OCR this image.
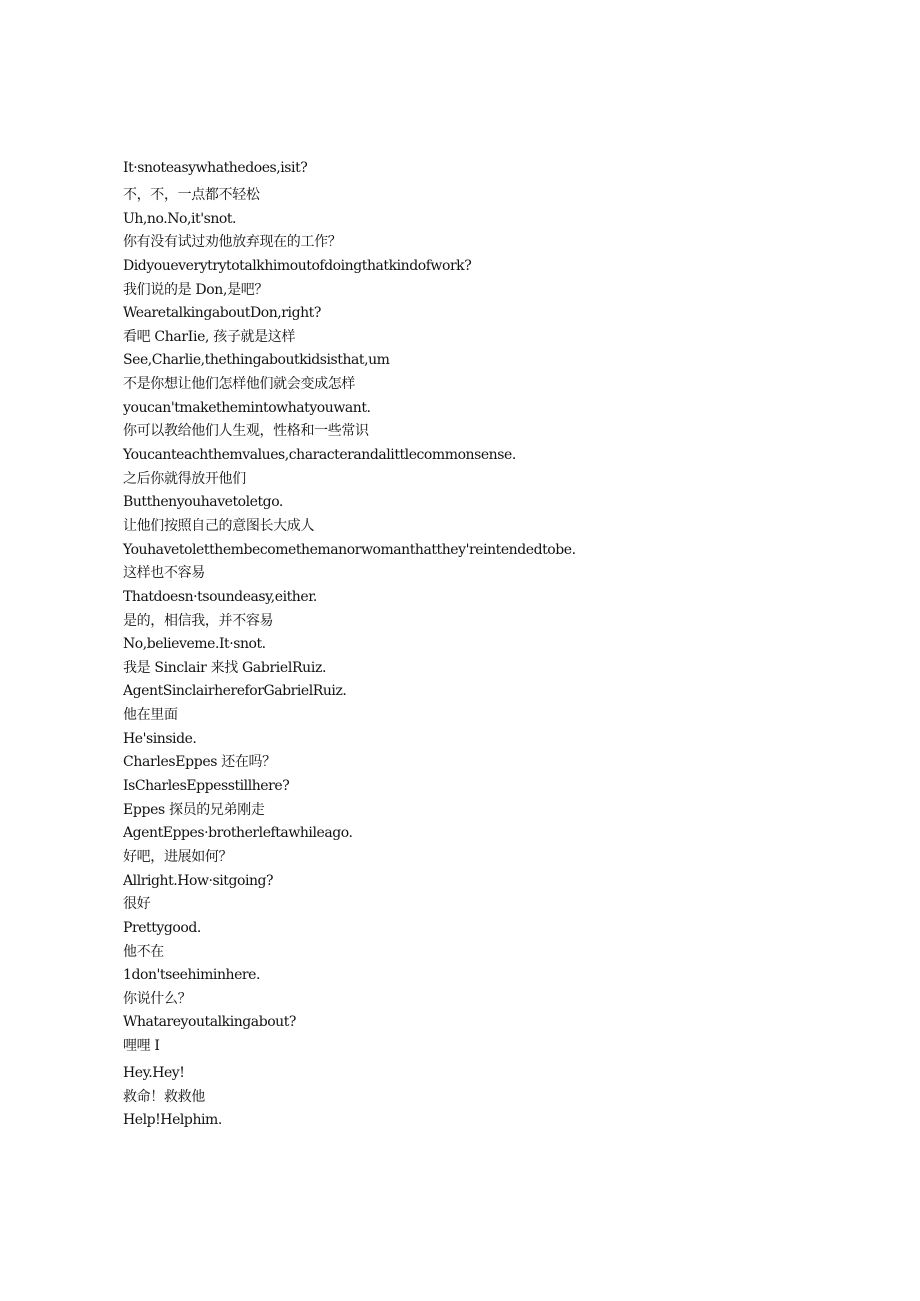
It·snoteasywhathedoes,isit?
不，不，一点都不轻松
Uh,no.No,it'snot.
你有没有试过劝他放弃现在的工作？
Didyoueverytrytotalkhimoutofdoingthatkindofwork?
我们说的是 Don,是吧？
WearetalkingaboutDon,right?
看吧 CharIie, 孩子就是这样
See,Charlie,thethingaboutkidsisthat,um
不是你想让他们怎样他们就会变成怎样
youcan'tmakethemintowhatyouwant.
你可以教给他们人生观，性格和一些常识
Youcanteachthemvalues,characterandalittlecommonsense.
之后你就得放开他们
Butthenyouhavetoletgo.
让他们按照自己的意图长大成人
Youhavetoletthembecomethemanorwomanthatthey'reintendedtobe.
这样也不容易
Thatdoesn·tsoundeasy,either.
是的，相信我，并不容易
No,believeme.It·snot.
我是 Sinclair 来找 GabrielRuiz.
AgentSinclairhereforGabrielRuiz.
他在里面
He'sinside.
CharlesEppes 还在吗？
IsCharlesEppesstillhere?
Eppes 探员的兄弟刚走
AgentEppes·brotherleftawhileago.
好吧，进展如何？
Allright.How·sitgoing?
很好
Prettygood.
他不在
1don'tseehiminhere.
你说什么？
Whatareyoutalkingabout?
哩哩 I
Hey.Hey!
救命！救救他
Help!Helphim.
